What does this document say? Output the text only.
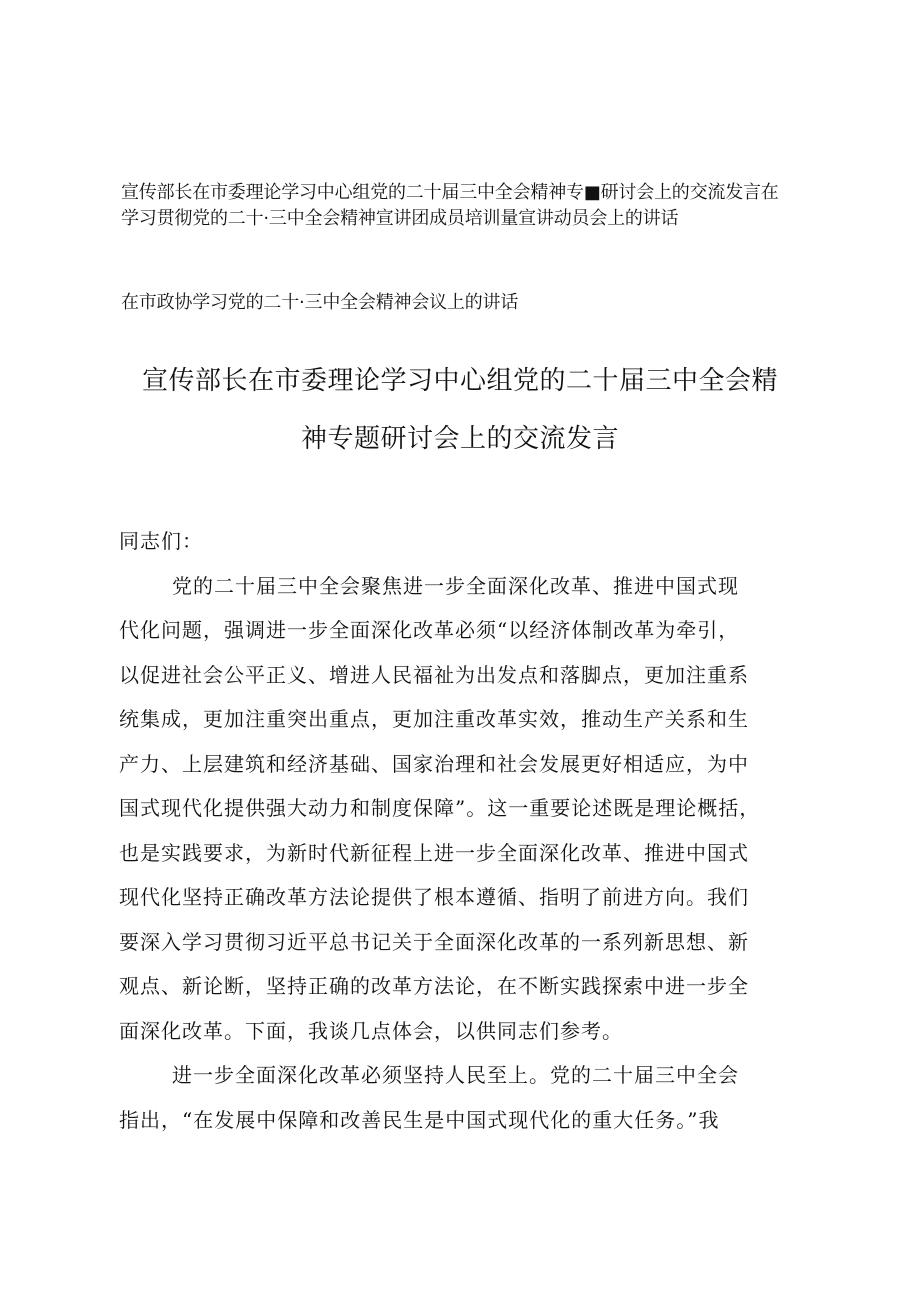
宣传部长在市委理论学习中心组党的二十届三中全会精神专■研讨会上的交流发言在
学习贯彻党的二十·三中全会精神宣讲团成员培训量宣讲动员会上的讲话
在市政协学习党的二十·三中全会精神会议上的讲话
宣传部长在市委理论学习中心组党的二十届三中全会精
神专题研讨会上的交流发言
同志们：
党的二十届三中全会聚焦进一步全面深化改革、推进中国式现
代化问题，强调进一步全面深化改革必须“以经济体制改革为牵引，
以促进社会公平正义、增进人民福祉为出发点和落脚点，更加注重系
统集成，更加注重突出重点，更加注重改革实效，推动生产关系和生
产力、上层建筑和经济基础、国家治理和社会发展更好相适应，为中
国式现代化提供强大动力和制度保障”。这一重要论述既是理论概括，
也是实践要求，为新时代新征程上进一步全面深化改革、推进中国式
现代化坚持正确改革方法论提供了根本遵循、指明了前进方向。我们
要深入学习贯彻习近平总书记关于全面深化改革的一系列新思想、新
观点、新论断，坚持正确的改革方法论，在不断实践探索中进一步全
面深化改革。下面，我谈几点体会，以供同志们参考。
进一步全面深化改革必须坚持人民至上。党的二十届三中全会
指出，“在发展中保障和改善民生是中国式现代化的重大任务。”我
